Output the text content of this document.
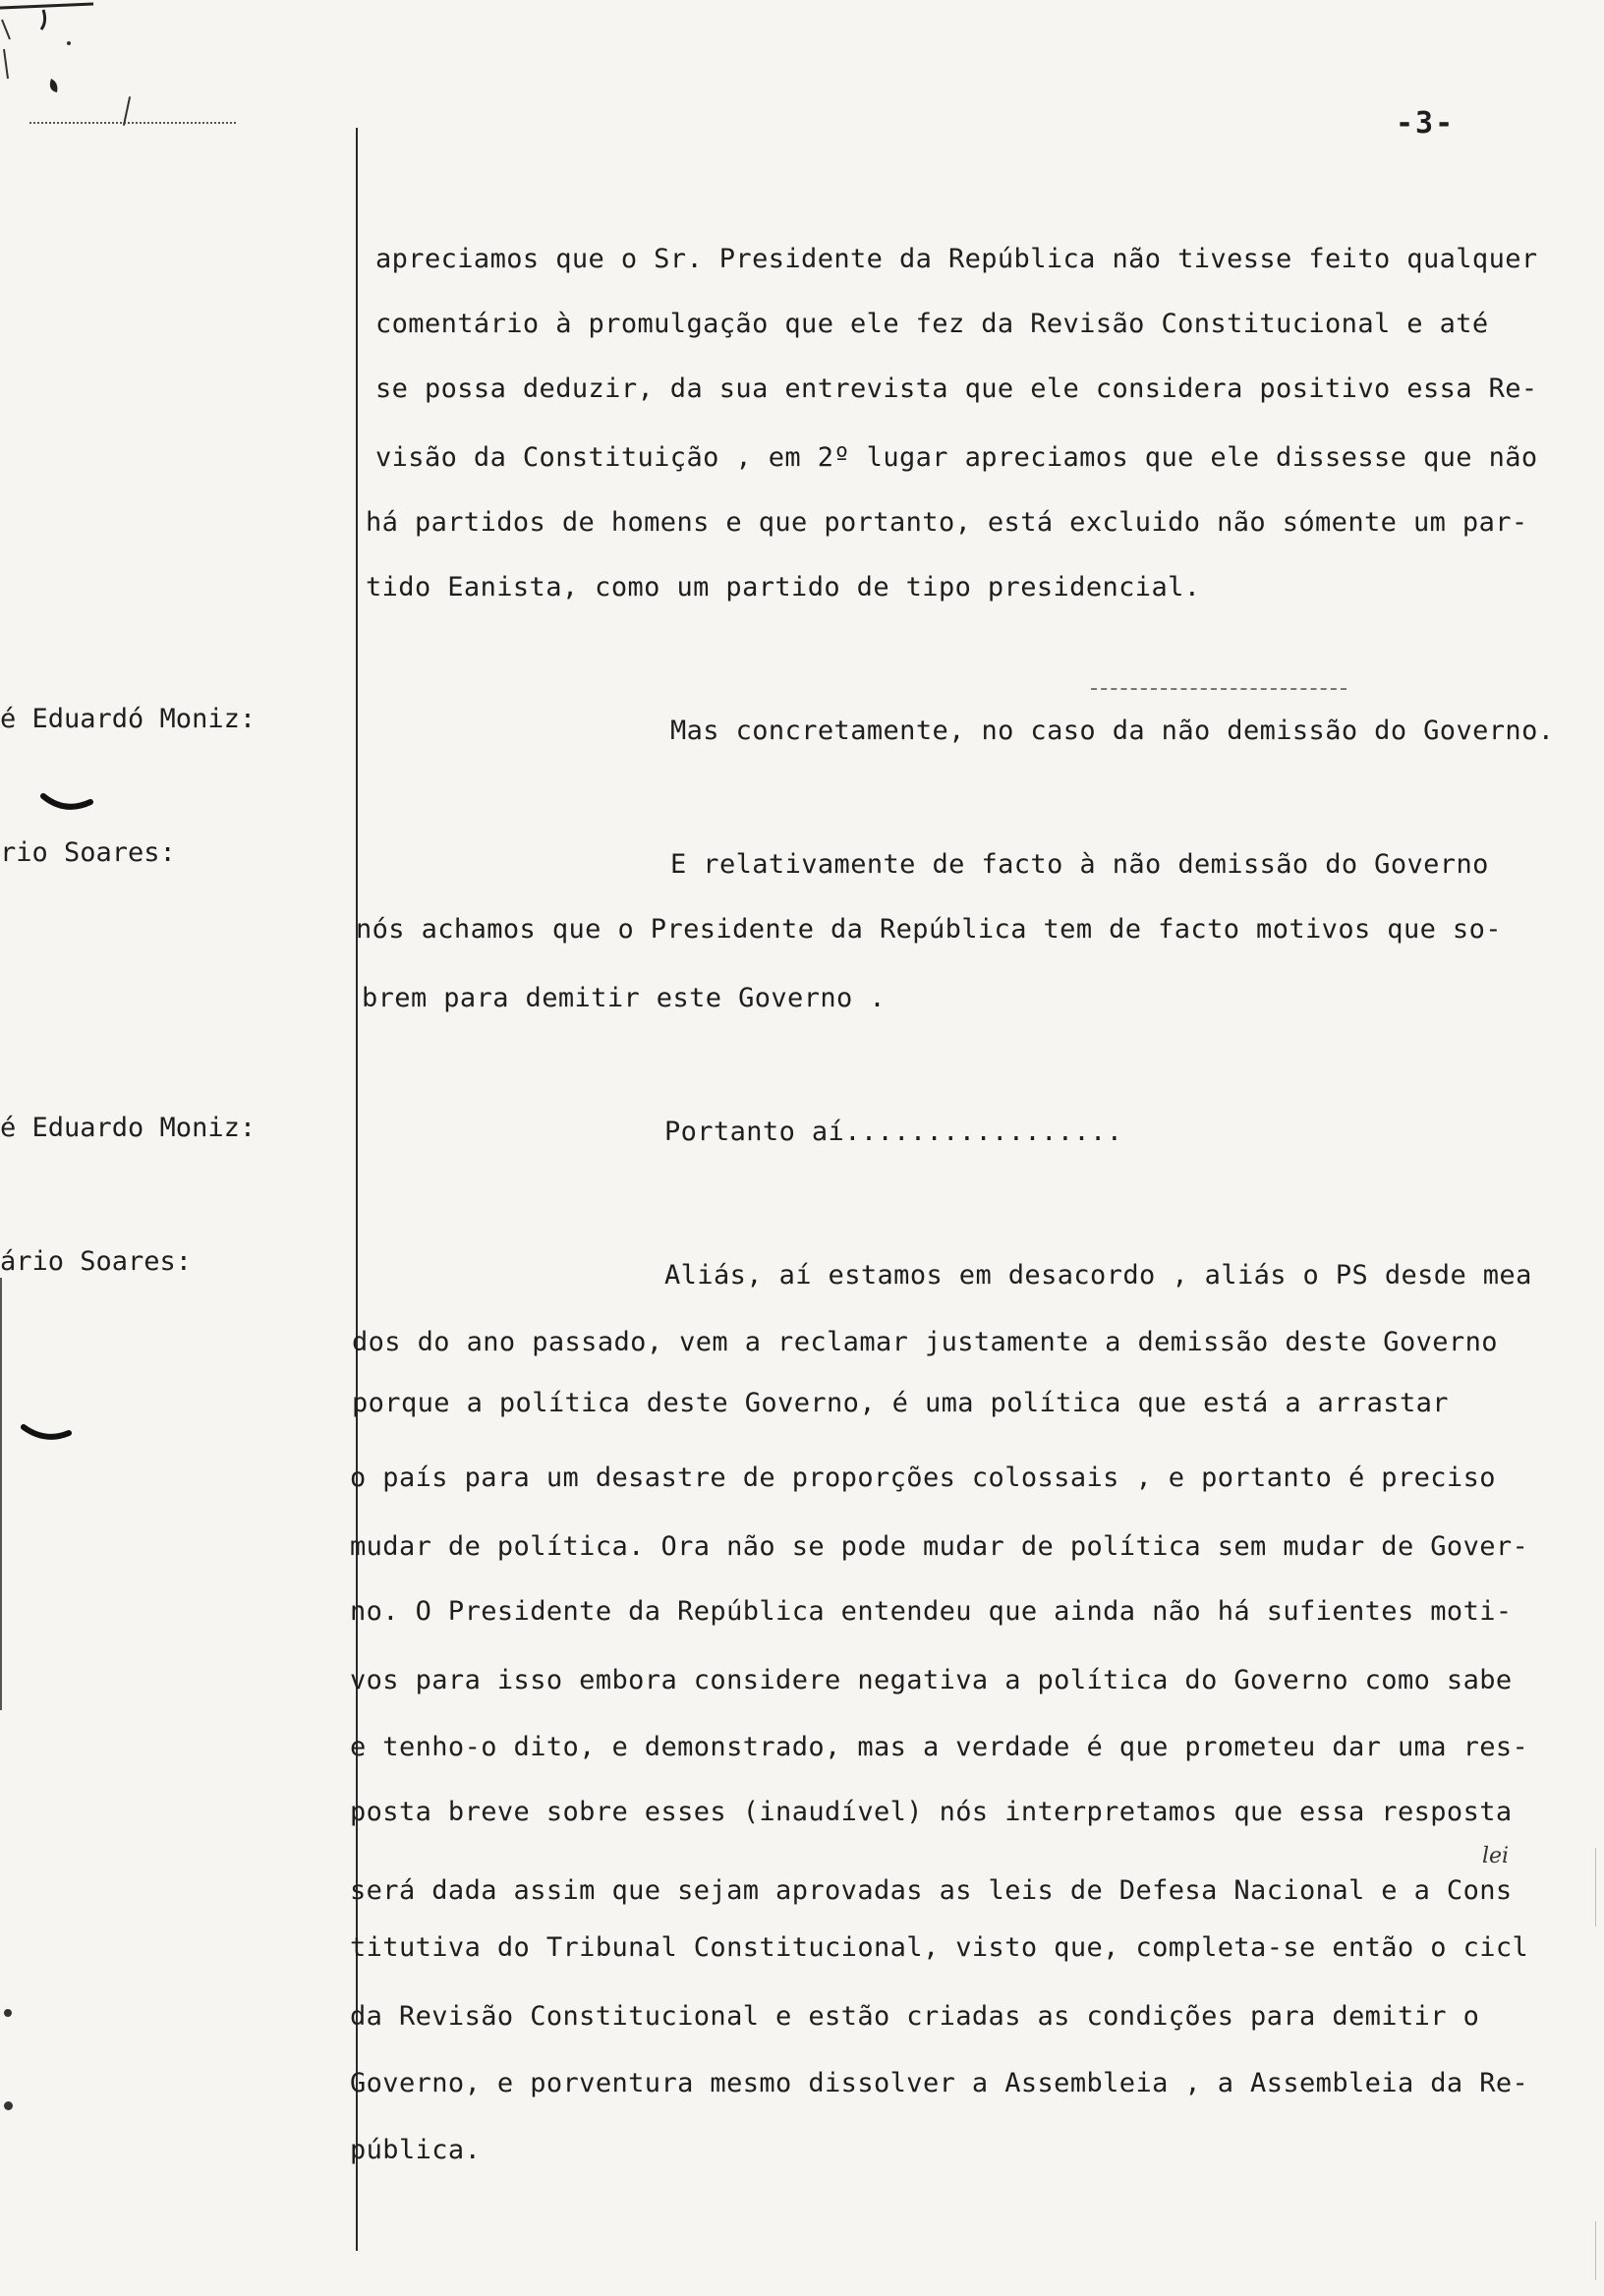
-3-
é Eduardó Moniz:
rio Soares:
é Eduardo Moniz:
ário Soares:
apreciamos que o Sr. Presidente da República não tivesse feito qualquer
comentário à promulgação que ele fez da Revisão Constitucional e até
se possa deduzir, da sua entrevista que ele considera positivo essa Re-
visão da Constituição , em 2º lugar apreciamos que ele dissesse que não
há partidos de homens e que portanto, está excluido não sómente um par-
tido Eanista, como um partido de tipo presidencial.
Mas concretamente, no caso da não demissão do Governo.
E relativamente de facto à não demissão do Governo
nós achamos que o Presidente da República tem de facto motivos que so-
brem para demitir este Governo .
Portanto aí.................
Aliás, aí estamos em desacordo , aliás o PS desde mea
dos do ano passado, vem a reclamar justamente a demissão deste Governo
porque a política deste Governo, é uma política que está a arrastar
o país para um desastre de proporções colossais , e portanto é preciso
mudar de política. Ora não se pode mudar de política sem mudar de Gover-
no. O Presidente da República entendeu que ainda não há sufientes moti-
vos para isso embora considere negativa a política do Governo como sabe
e tenho-o dito, e demonstrado, mas a verdade é que prometeu dar uma res-
posta breve sobre esses (inaudível) nós interpretamos que essa resposta
será dada assim que sejam aprovadas as leis de Defesa Nacional e a Cons
titutiva do Tribunal Constitucional, visto que, completa-se então o cicl
da Revisão Constitucional e estão criadas as condições para demitir o
Governo, e porventura mesmo dissolver a Assembleia , a Assembleia da Re-
pública.
lei
